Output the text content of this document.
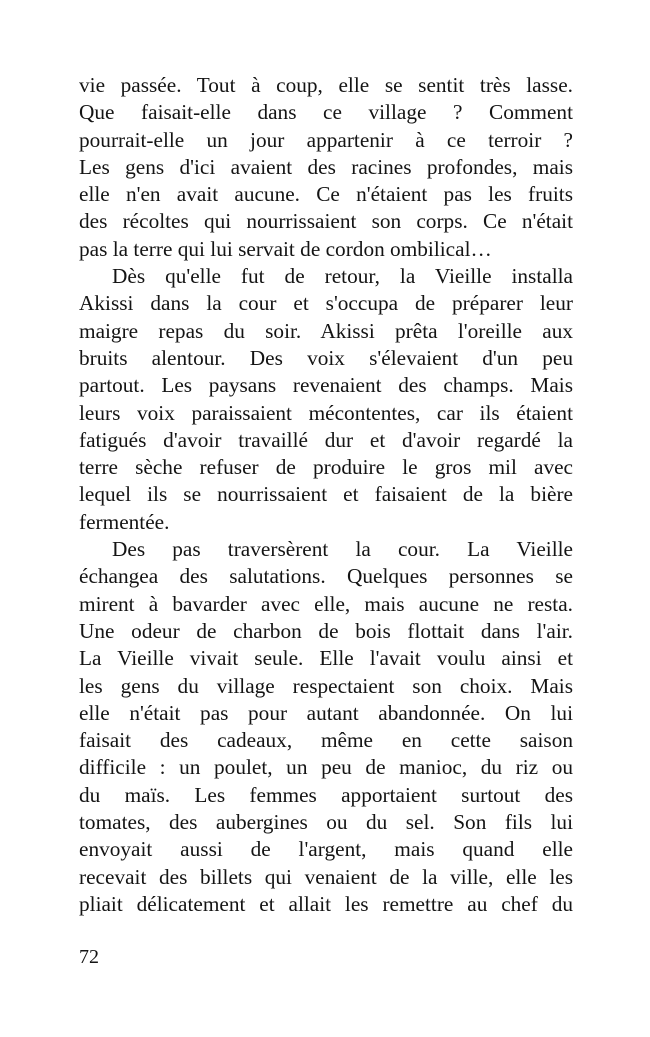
vie passée. Tout à coup, elle se sentit très lasse.
Que faisait-elle dans ce village ? Comment
pourrait-elle un jour appartenir à ce terroir ?
Les gens d'ici avaient des racines profondes, mais
elle n'en avait aucune. Ce n'étaient pas les fruits
des récoltes qui nourrissaient son corps. Ce n'était
pas la terre qui lui servait de cordon ombilical…
Dès qu'elle fut de retour, la Vieille installa
Akissi dans la cour et s'occupa de préparer leur
maigre repas du soir. Akissi prêta l'oreille aux
bruits alentour. Des voix s'élevaient d'un peu
partout. Les paysans revenaient des champs. Mais
leurs voix paraissaient mécontentes, car ils étaient
fatigués d'avoir travaillé dur et d'avoir regardé la
terre sèche refuser de produire le gros mil avec
lequel ils se nourrissaient et faisaient de la bière
fermentée.
Des pas traversèrent la cour. La Vieille
échangea des salutations. Quelques personnes se
mirent à bavarder avec elle, mais aucune ne resta.
Une odeur de charbon de bois flottait dans l'air.
La Vieille vivait seule. Elle l'avait voulu ainsi et
les gens du village respectaient son choix. Mais
elle n'était pas pour autant abandonnée. On lui
faisait des cadeaux, même en cette saison
difficile : un poulet, un peu de manioc, du riz ou
du maïs. Les femmes apportaient surtout des
tomates, des aubergines ou du sel. Son fils lui
envoyait aussi de l'argent, mais quand elle
recevait des billets qui venaient de la ville, elle les
pliait délicatement et allait les remettre au chef du
72
